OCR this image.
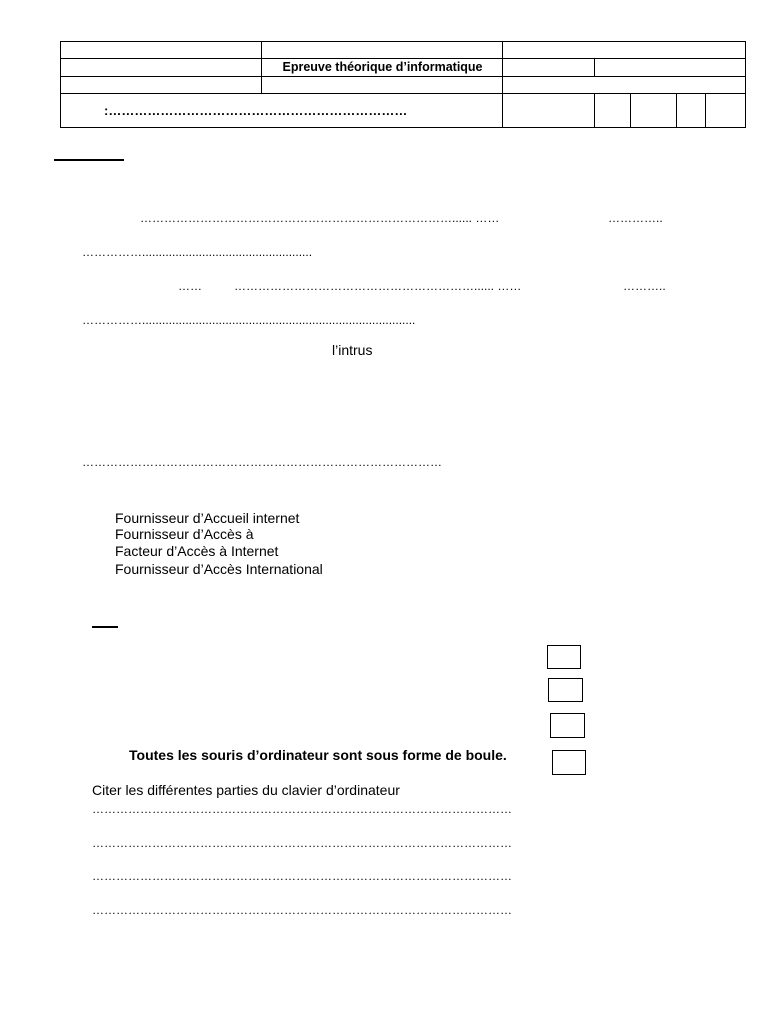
Epreuve théorique d’informatique
:……………………………………………………………
……………………………………………………………………...... ……	…………..
……………...................................................
……	……………………………………………………...... ……	………..
……………..................................................................................
l’intrus
………………………………………………………………………………
Fournisseur d’Accueil internet
Fournisseur d’Accès à
Facteur d’Accès à Internet
Fournisseur d’Accès International
Toutes les souris d’ordinateur sont sous forme de boule.
Citer les différentes parties du clavier d’ordinateur
……………………………………………………………………………………………
……………………………………………………………………………………………
……………………………………………………………………………………………
……………………………………………………………………………………………
